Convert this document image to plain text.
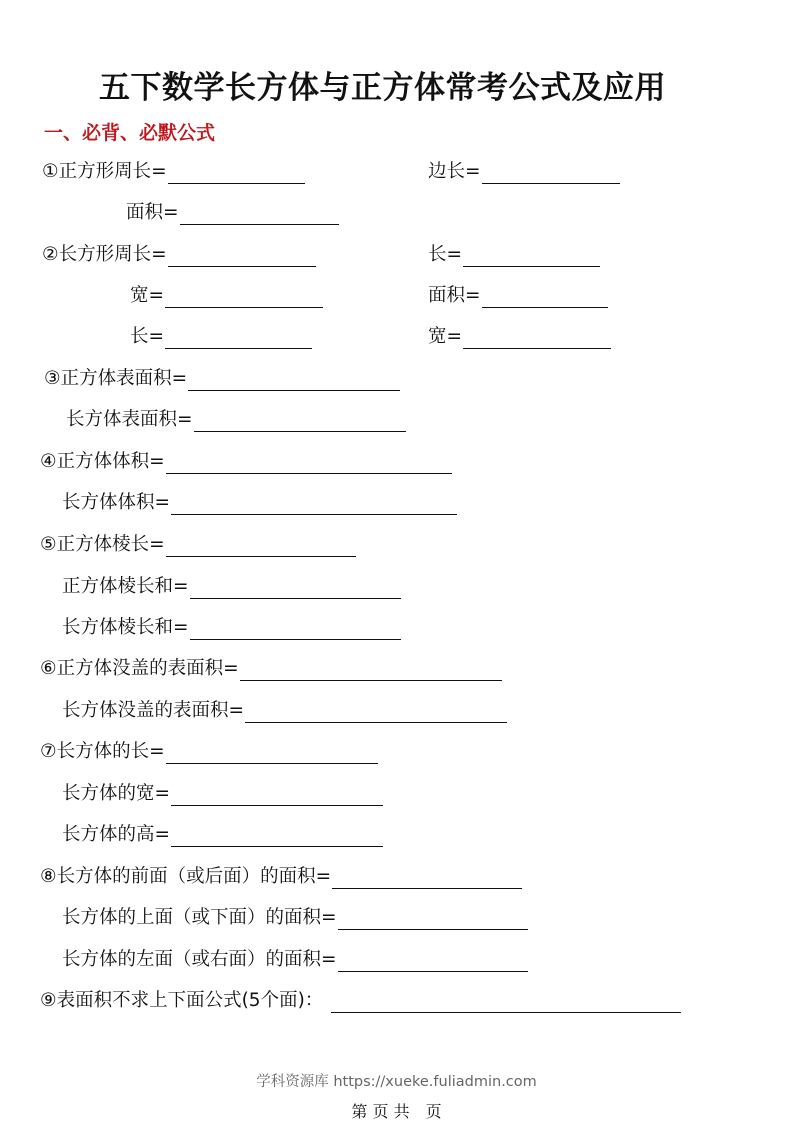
五下数学长方体与正方体常考公式及应用
一、必背、必默公式
①正方形周长=	边长=
面积=
②长方形周长=	长=
宽=	面积=
长=	宽=
③正方体表面积=
长方体表面积=
④正方体体积=
长方体体积=
⑤正方体棱长=
正方体棱长和=
长方体棱长和=
⑥正方体没盖的表面积=
长方体没盖的表面积=
⑦长方体的长=
长方体的宽=
长方体的高=
⑧长方体的前面（或后面）的面积=
长方体的上面（或下面）的面积=
长方体的左面（或右面）的面积=
⑨表面积不求上下面公式(5个面)：
学科资源库 https://xueke.fuliadmin.com
第 页 共　页
